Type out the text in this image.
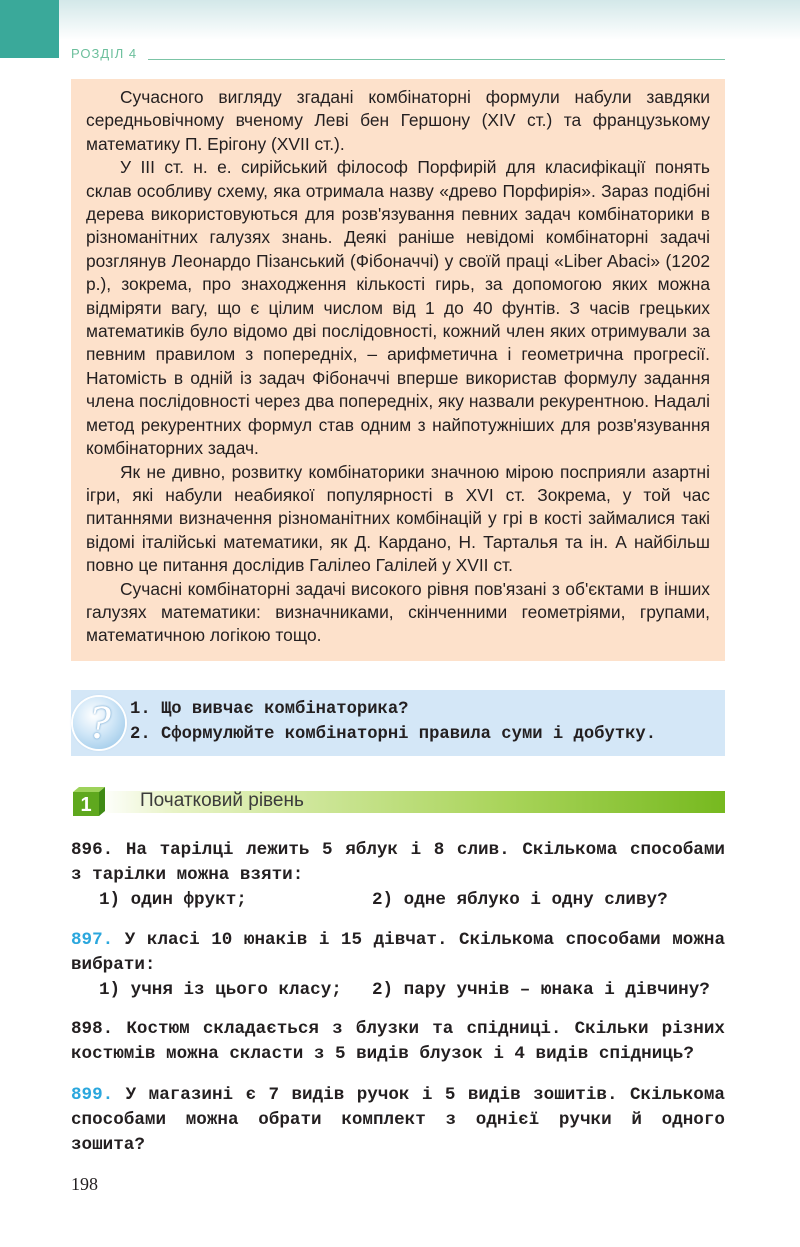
РОЗДІЛ 4

Сучасного вигляду згадані комбінаторні формули набули завдяки середньовічному вченому Леві бен Гершону (XIV ст.) та французькому математику П. Ерігону (XVII ст.).

У III ст. н. е. сирійський філософ Порфирій для класифікації понять склав особливу схему, яка отримала назву «древо Порфирія». Зараз подібні дерева використовуються для розв'язування певних задач комбінаторики в різноманітних галузях знань. Деякі раніше невідомі комбінаторні задачі розглянув Леонардо Пізанський (Фібоначчі) у своїй праці «Liber Abaci» (1202 р.), зокрема, про знаходження кількості гирь, за допомогою яких можна відміряти вагу, що є цілим числом від 1 до 40 фунтів. З часів грецьких математиків було відомо дві послідовності, кожний член яких отримували за певним правилом з попередніх, – арифметична і геометрична прогресії. Натомість в одній із задач Фібоначчі вперше використав формулу задання члена послідовності через два попередніх, яку назвали рекурентною. Надалі метод рекурентних формул став одним з найпотужніших для розв'язування комбінаторних задач.

Як не дивно, розвитку комбінаторики значною мірою посприяли азартні ігри, які набули неабиякої популярності в XVI ст. Зокрема, у той час питаннями визначення різноманітних комбінацій у грі в кості займалися такі відомі італійські математики, як Д. Кардано, Н. Тарталья та ін. А найбільш повно це питання дослідив Галілео Галілей у XVII ст.

Сучасні комбінаторні задачі високого рівня пов'язані з об'єктами в інших галузях математики: визначниками, скінченними геометріями, групами, математичною логікою тощо.

?	1. Що вивчає комбінаторика?
2. Сформулюйте комбінаторні правила суми і добутку.
1	Початковий рівень
896. На тарілці лежить 5 яблук і 8 слив. Скількома способами з тарілки можна взяти:
1) один фрукт;	2) одне яблуко і одну сливу?
897. У класі 10 юнаків і 15 дівчат. Скількома способами можна вибрати:
1) учня із цього класу; 2) пару учнів – юнака і дівчину?
898. Костюм складається з блузки та спідниці. Скільки різних костюмів можна скласти з 5 видів блузок і 4 видів спідниць?
899. У магазині є 7 видів ручок і 5 видів зошитів. Скількома способами можна обрати комплект з однієї ручки й одного зошита?
198
